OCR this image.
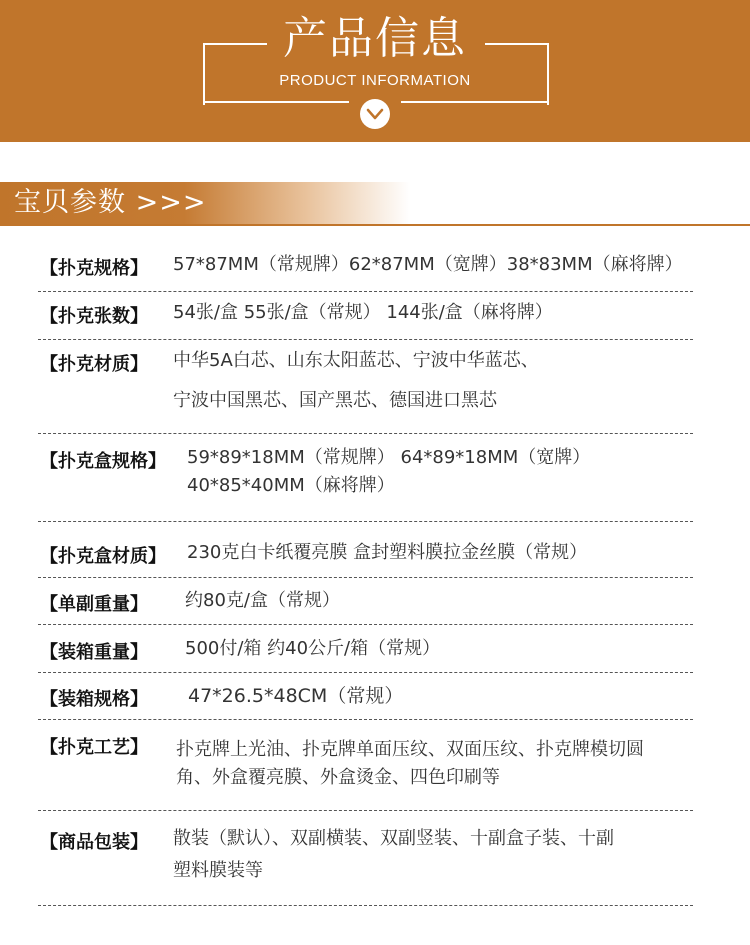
产品信息
PRODUCT INFORMATION
宝贝参数 >>>
【扑克规格】 57*87MM（常规牌）62*87MM（宽牌）38*83MM（麻将牌）
【扑克张数】 54张/盒 55张/盒（常规） 144张/盒（麻将牌）
【扑克材质】 中华5A白芯、山东太阳蓝芯、宁波中华蓝芯、
宁波中国黑芯、国产黑芯、德国进口黑芯
【扑克盒规格】 59*89*18MM（常规牌） 64*89*18MM（宽牌）
40*85*40MM（麻将牌）
【扑克盒材质】 230克白卡纸覆亮膜 盒封塑料膜拉金丝膜（常规）
【单副重量】 约80克/盒（常规）
【装箱重量】 500付/箱 约40公斤/箱（常规）
【装箱规格】 47*26.5*48CM（常规）
【扑克工艺】 扑克牌上光油、扑克牌单面压纹、双面压纹、扑克牌模切圆
角、外盒覆亮膜、外盒烫金、四色印刷等
【商品包装】 散装（默认）、双副横装、双副竖装、十副盒子装、十副
塑料膜装等
